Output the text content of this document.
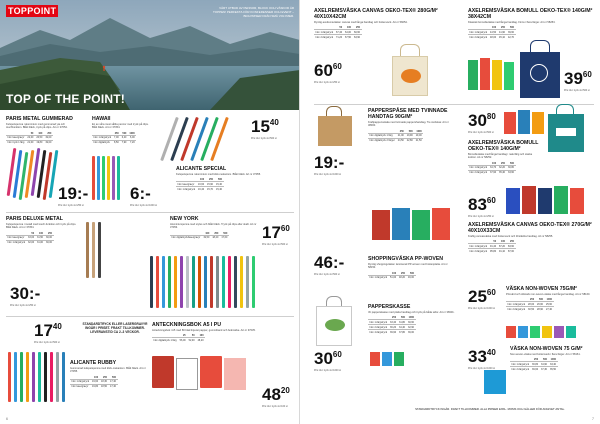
TOPPOINT	VÅRT UTBUD AV PENNOR, BLOCK OCH VÄSKOR ÄR TOPPEN! PERFEKTA FÖR KONFERENSER OCH EVENT – BRA PRISER FRÅN SMÅ VOLYMER.
TOP OF THE POINT!
PARIS METAL GUMMERAD
Kulspetspenna i aluminium med gummerad yta och touchfunktion. Blått bläck, tryck på clips. Art.nr 37054.
	50	100	250
Inkl. lasergravyr	22,00	20,50	19,00
Inkl. tryck 1 färg	21,00	19,80	19,00
19:-
Pris inkl. tryck vid 250 st
HAWAII
En av våra mest sålda pennor med tryck på clips. Blått bläck. Art.nr 37054.
	250	500	1000
Inkl. 1-färgstryck	7,00	6,40	6,00
Inkl. digitaltryck	8,50	7,90	7,20
6:-
Pris inkl. tryck vid 1000 st
$15^{40}$
Pris inkl. tryck vid 500 st
ALICANTE SPECIAL
Kulspetspenna i aluminium med klick-mekanism. Blått bläck. Art.nr 37055.
	100	250	500
Inkl. lasergravyr	16,60	15,90	15,40
Inkl. 1-färgstryck	16,40	15,70	15,40
PARIS DELUXE METAL
Kulspetspenna i metall med touch-funktion och tryck på clips. Blått bläck. Art.nr 37054.
	50	100	250
Inkl. lasergravyr	33,00	31,50	30,00
Inkl. 1-färgstryck	32,00	31,00	30,00
30:-
Pris inkl. tryck vid 250 st
NEW YORK
Aluminiumpenna med stylus och blått bläck. Tryck på clips eller skaft. Art.nr 37053.
	100	250	500
Inkl. digitaltryck/lasergravyr	19,50	18,20	17,60 $17^{60}$
Pris inkl. tryck vid 500 st
$17^{40}$
Pris inkl. tryck vid 500 st
STANDARDTRYCK ELLER LASERGRAVYR INGÅR I PRISET. FRAKT TILLKOMMER. LEVERANSTID CA 2–3 VECKOR.
ALICANTE RUBBY
Gummerad kulspetspenna med klick-mekanism. Blått bläck. Art.nr 37055.
	100	250	500
Inkl. 1-färgstryck	19,60	18,30	17,40
Inkl. lasergravyr	19,80	18,50	17,40
ANTECKNINGSBOK A5 I PU
Anteckningsbok i A5 med 80 blad linjerat papper, gummiband och bokmärke. Art.nr 37035.
	25	50	100
Inkl. digitaltryck 1 färg	56,00	52,00	48,20
$48^{20}$
Pris inkl. tryck vid 100 st
6
AXELREMSVÄSKA CANVAS OEKO-TEX® 280G/M² 40X10X42CM
Rymlig axelremsväska i canvas med långa handtag och bottenveck. Art.nr 58254.
	50	100	250
Inkl. 1-färgstryck	67,40	64,00	60,60
Inkl. 2-färgstryck	71,20	67,50	63,90
$60^{60}$
Pris inkl. tryck vid 250 st
AXELREMSVÄSKA BOMULL OEKO-TEX® 140G/M² 38X42CM
Klassisk bomullsväska med långa handtag. Finns i flera färger. Art.nr 58253.
	100	250	500
Inkl. 1-färgstryck	44,50	41,90	39,60
Inkl. 2-färgstryck	48,00	45,10	42,70
$39^{60}$
Pris inkl. tryck vid 500 st
PAPPERSPÅSE MED TVINNADE HANDTAG 90G/M²
Kraftpappersväska med tvinnade pappershandtag. Tre storlekar. Art.nr 38300.
	250	500	1000
Inkl. digitaltryck 1 färg	21,00	19,90	19,00
Inkl. digitaltryck 2 färger	24,50	22,80	21,50
19:-
Pris inkl. tryck vid 1000 st
$30^{80}$
Pris inkl. tryck vid 500 st
AXELREMSVÄSKA BOMULL OEKO-TEX® 140G/M²
Bomullsväska med långa handtag i naturfärg och starka kulörer. Art.nr 58252.
	100	250	500
Inkl. 1-färgstryck	34,70	32,20	30,80
Inkl. 2-färgstryck	37,90	35,40	33,60
$83^{60}$
Pris inkl. tryck vid 250 st
AXELREMSVÄSKA CANVAS OEKO-TEX® 270G/M² 40X10X33CM
Kraftig canvasväska med bottenveck och förstärkta handtag. Art.nr 58255.
	50	100	250
Inkl. 1-färgstryck	91,40	87,20	83,60
Inkl. 2-färgstryck	95,80	91,10	87,00
46:-
Pris inkl. tryck vid 500 st
SHOPPINGVÄSKA PP-WOVEN
Rymlig shoppingväska i laminerad PP-woven med bottenplatta. Art.nr 58150.
	100	250	500
Inkl. 1-färgstryck	51,00	48,20	46,00
$25^{60}$
Pris inkl. tryck vid 1000 st
VÄSKA NON-WOVEN 75G/M²
Prisvärd och slitstark non-woven-väska med långa handtag. Art.nr 58160.
	250	500	1000
Inkl. 1-färgstryck	28,00	26,60	25,60
Inkl. 2-färgstryck	30,50	28,90	27,40
PAPPERSKASSE
Vit papperskasse med platta handtag och tryck på båda sidor. Art.nr 38301.
	250	500	1000
Inkl. 1-färgstryck	33,40	31,80	30,60
Inkl. 2-färgstryck	36,20	34,40	32,90
Inkl. 4-färgstryck	39,90	37,80	36,00
$30^{60}$
Pris inkl. tryck vid 1000 st
$33^{40}$
Pris inkl. tryck vid 1000 st
VÄSKA NON-WOVEN 75 G/M²
Non-woven-väska med bottenveck i flera färger. Art.nr 58161.
	250	500	1000
Inkl. 1-färgstryck	36,80	34,90	33,40
Inkl. 2-färgstryck	39,60	37,30	35,50
STANDARDTRYCK INGÅR. FRAKT TILLKOMMER. ALLA PRISER EXKL. MOMS OCH GÄLLER FÖR ANGIVET ANTAL.
7
